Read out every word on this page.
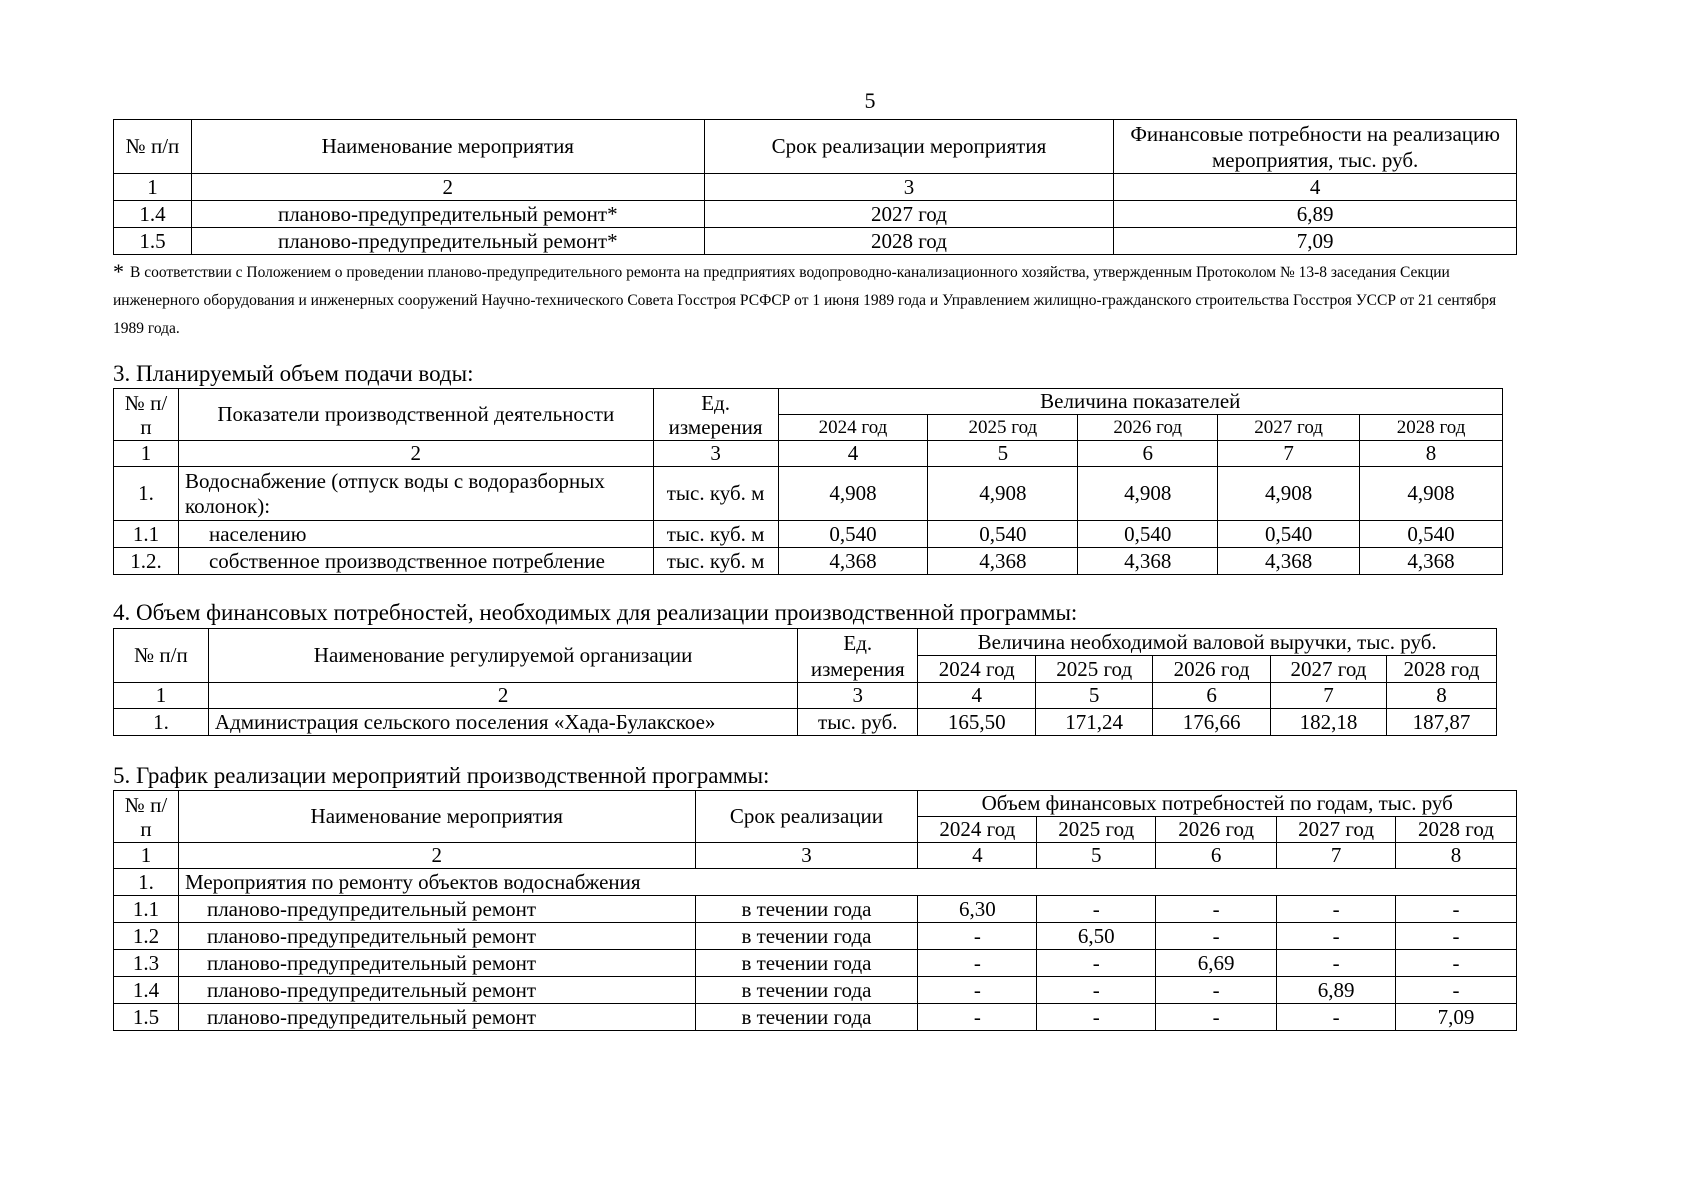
5
№ п/п	Наименование мероприятия	Срок реализации мероприятия	Финансовые потребности на реализацию мероприятия, тыс. руб.
1	2	3	4
1.4	планово-предупредительный ремонт*	2027 год	6,89
1.5	планово-предупредительный ремонт*	2028 год	7,09
* В соответствии с Положением о проведении планово-предупредительного ремонта на предприятиях водопроводно-канализационного хозяйства, утвержденным Протоколом № 13-8 заседания Секции инженерного оборудования и инженерных сооружений Научно-технического Совета Госстроя РСФСР от 1 июня 1989 года и Управлением жилищно-гражданского строительства Госстроя УССР от 21 сентября 1989 года.
3. Планируемый объем подачи воды:
№ п/п	Показатели производственной деятельности	Ед. измерения	Величина показателей				
			2024 год	2025 год	2026 год	2027 год	2028 год
1	2	3	4	5	6	7	8
1.	Водоснабжение (отпуск воды с водоразборных колонок):	тыс. куб. м	4,908	4,908	4,908	4,908	4,908
1.1	населению	тыс. куб. м	0,540	0,540	0,540	0,540	0,540
1.2.	собственное производственное потребление	тыс. куб. м	4,368	4,368	4,368	4,368	4,368
4. Объем финансовых потребностей, необходимых для реализации производственной программы:
№ п/п	Наименование регулируемой организации	Ед. измерения	Величина необходимой валовой выручки, тыс. руб.				
			2024 год	2025 год	2026 год	2027 год	2028 год
1	2	3	4	5	6	7	8
1.	Администрация сельского поселения «Хада-Булакское»	тыс. руб.	165,50	171,24	176,66	182,18	187,87
5. График реализации мероприятий производственной программы:
№ п/п	Наименование мероприятия	Срок реализации	Объем финансовых потребностей по годам, тыс. руб				
			2024 год	2025 год	2026 год	2027 год	2028 год
1	2	3	4	5	6	7	8
1.	Мероприятия по ремонту объектов водоснабжения						
1.1	планово-предупредительный ремонт	в течении года	6,30	-	-	-	-
1.2	планово-предупредительный ремонт	в течении года	-	6,50	-	-	-
1.3	планово-предупредительный ремонт	в течении года	-	-	6,69	-	-
1.4	планово-предупредительный ремонт	в течении года	-	-	-	6,89	-
1.5	планово-предупредительный ремонт	в течении года	-	-	-	-	7,09
